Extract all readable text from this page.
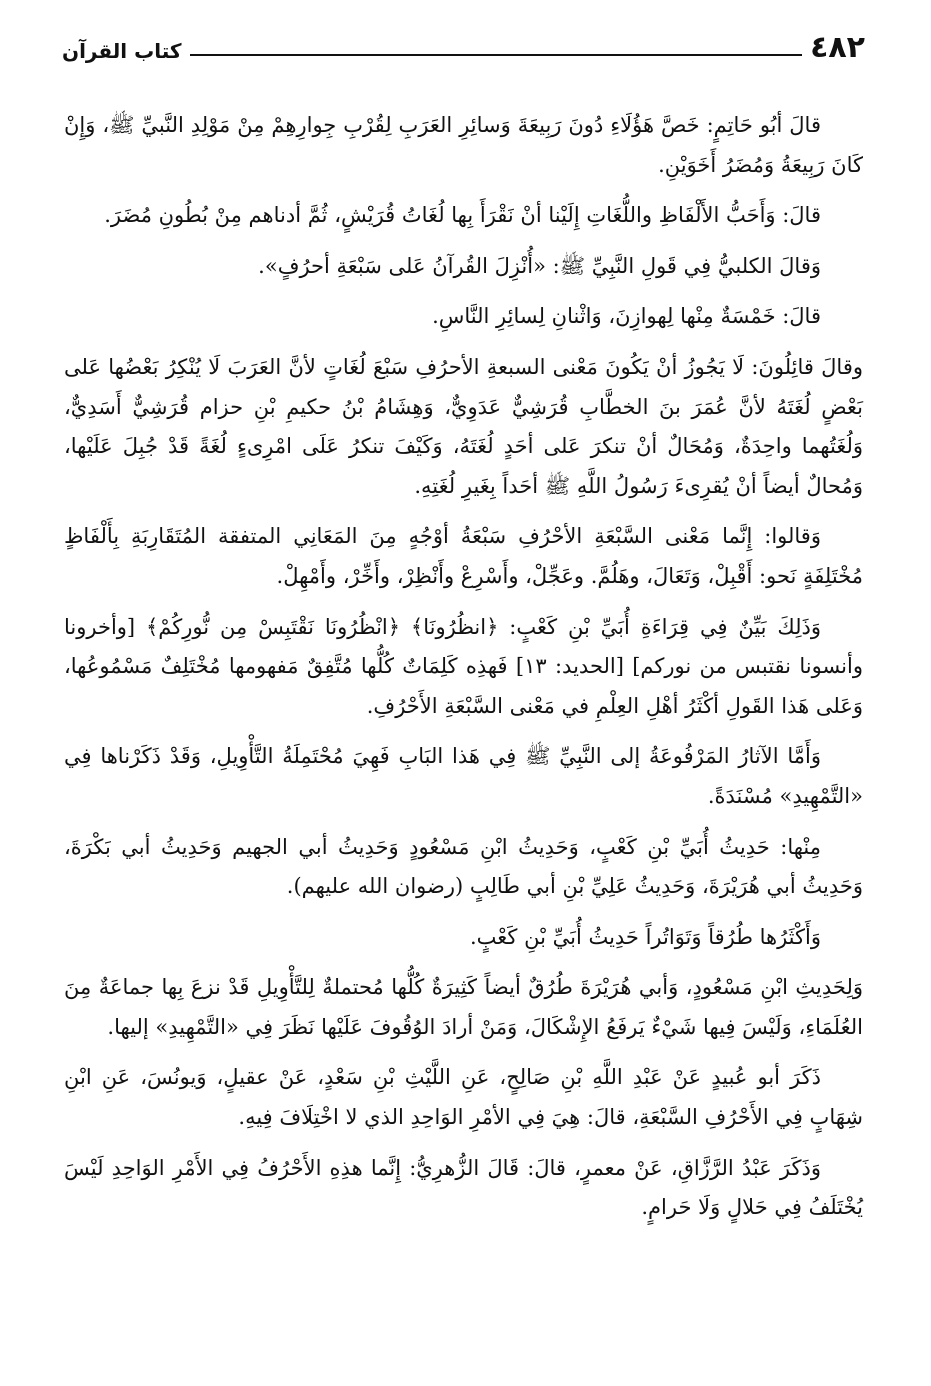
٤٨٢
كتاب القرآن

قالَ أبُو حَاتِمٍ: خَصَّ هَؤُلَاءِ دُونَ رَبِيعَةَ وَسائِرِ العَرَبِ لِقُرْبِ جِوارِهِمْ مِنْ مَوْلِدِ النَّبيِّ ﷺ، وَإِنْ كَانَ رَبِيعَةُ وَمُضَرُ أَخَوَيْنِ.

قالَ: وَأَحَبُّ الأَلْفَاظِ واللُّغَاتِ إِلَيْنا أنْ نَقْرَأَ بِها لُغَاتُ قُرَيْشٍ، ثُمَّ أدناهم مِنْ بُطُونِ مُضَرَ.

وَقالَ الكلبيُّ فِي قَولِ النَّبِيِّ ﷺ: «أُنْزِلَ القُرآنُ عَلى سَبْعَةِ أحرُفٍ».

قالَ: خَمْسَةٌ مِنْها لِهوازِنَ، وَاثْنانِ لِسائِرِ النَّاسِ.

وقالَ قائِلُونَ: لَا يَجُوزُ أنْ يَكُونَ مَعْنى السبعةِ الأحرُفِ سَبْعَ لُغَاتٍ لأنَّ العَرَبَ لَا يُنْكِرُ بَعْضُها عَلى بَعْضٍ لُغَتَهُ لأنَّ عُمَرَ بنَ الخطَّابِ قُرَشِيٌّ عَدَوِيٌّ، وَهِشَامُ بْنُ حكيمِ بْنِ حزام قُرَشِيٌّ أَسَدِيٌّ، وَلُغَتُهما واحِدَةٌ، وَمُحَالٌ أنْ تنكرَ عَلى أحَدٍ لُغَتَهُ، وَكَيْفَ تنكرُ عَلَى امْرِىءٍ لُغَةً قَدْ جُبِلَ عَلَيْها، وَمُحالٌ أيضاً أنْ يُقرِىءَ رَسُولُ اللَّهِ ﷺ أحَداً بِغَيرِ لُغَتِهِ.

وَقالوا: إِنَّما مَعْنى السَّبْعَةِ الأحْرُفِ سَبْعَةُ أوْجُهٍ مِنَ المَعَانِي المتفقة المُتَقَارِبَةِ بِأَلْفَاظٍ مُخْتَلِفَةٍ نَحو: أَقْبِلْ، وَتَعَالَ، وهَلُمَّ. وعَجِّلْ، وأَسْرِعْ وأَنْظِرْ، وأَخِّرْ، وأَمْهِلْ.

وَذَلِكَ بَيِّنٌ فِي قِرَاءَةِ أُبَيِّ بْنِ كَعْبٍ: ﴿انظُرُونَا﴾ ﴿انْظُرُونَا نَقْتَبِسْ مِن نُّورِكُمْ﴾ [وأخرونا وأنسونا نقتبس من نوركم] [الحديد: ١٣] فَهذِه كَلِمَاتٌ كُلُّها مُتَّفِقٌ مَفهومها مُخْتَلِفٌ مَسْمُوعُها، وَعَلى هَذا القَولِ أكْثَرُ أهْلِ العِلْمِ في مَعْنى السَّبْعَةِ الأَحْرُفِ.

وَأَمَّا الآثارُ المَرْفُوعَةُ إلى النَّبِيِّ ﷺ فِي هَذا البَابِ فَهِيَ مُحْتَمِلَةُ التَّأْوِيلِ، وَقَدْ ذَكَرْناها فِي «التَّمْهِيدِ» مُسْنَدَةً.

مِنْها: حَدِيثُ أُبَيِّ بْنِ كَعْبٍ، وَحَدِيثُ ابْنِ مَسْعُودٍ وَحَدِيثُ أبي الجهيم وَحَدِيثُ أبي بَكْرَةَ، وَحَدِيثُ أبي هُرَيْرَةَ، وَحَدِيثُ عَلِيِّ بْنِ أبي طَالِبٍ (رضوان الله عليهم).

وَأَكْثَرُها طُرُقاً وَتَوَاتُراً حَدِيثُ أُبَيِّ بْنِ كَعْبٍ.

وَلِحَدِيثِ ابْنِ مَسْعُودٍ، وَأبي هُرَيْرَةَ طُرُقٌ أيضاً كَثِيرَةٌ كُلُّها مُحتملةٌ لِلتَّأْوِيلِ قَدْ نزعَ بِها جماعَةٌ مِنَ العُلَمَاءِ، وَلَيْسَ فِيها شَيْءٌ يَرفَعُ الإِشْكَالَ، وَمَنْ أرادَ الوُقُوفَ عَلَيْها نَظَرَ فِي «التَّمْهِيدِ» إليها.

ذَكَرَ أبو عُبيدٍ عَنْ عَبْدِ اللَّهِ بْنِ صَالِحٍ، عَنِ اللَّيْثِ بْنِ سَعْدٍ، عَنْ عقيلٍ، وَيونُسَ، عَنِ ابْنِ شِهَابٍ فِي الأَحْرُفِ السَّبْعَةِ، قالَ: هِيَ فِي الأمْرِ الوَاحِدِ الذي لا اخْتِلَافَ فِيهِ.

وَذَكَرَ عَبْدُ الرَّزَّاقِ، عَنْ معمرٍ، قالَ: قَالَ الزُّهرِيُّ: إِنَّما هذِهِ الأَحْرُفُ فِي الأَمْرِ الوَاحِدِ لَيْسَ يُخْتَلَفُ فِي حَلالٍ وَلَا حَرامٍ.
